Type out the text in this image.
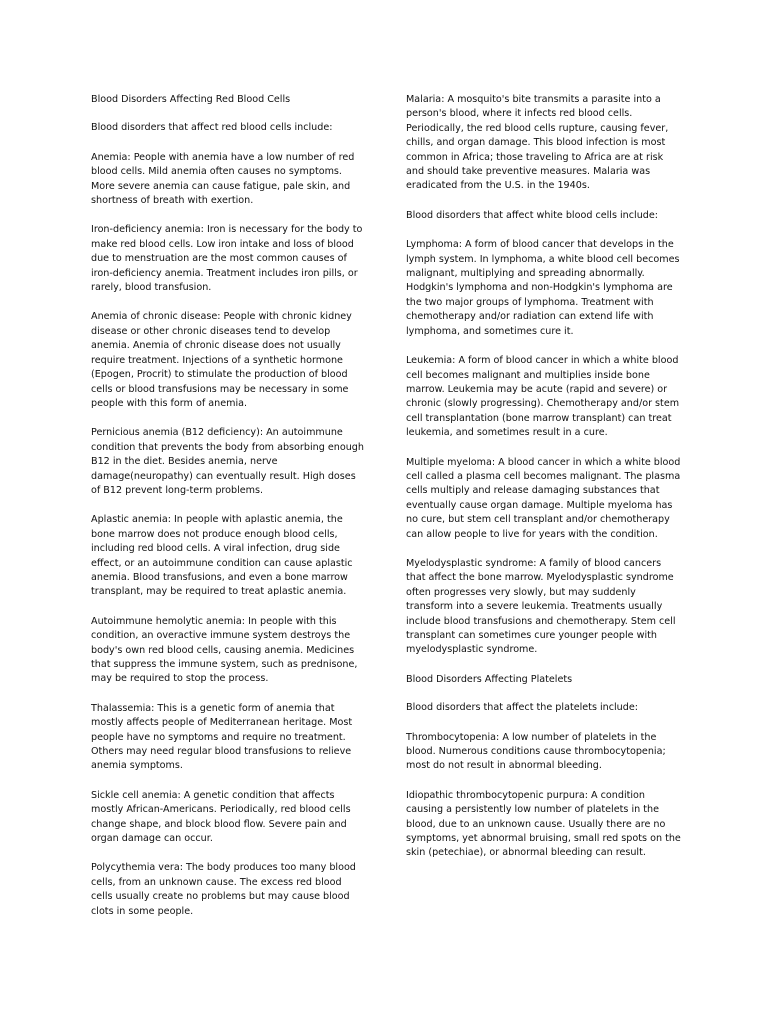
Blood Disorders Affecting Red Blood Cells

Blood disorders that affect red blood cells include:

Anemia: People with anemia have a low number of red blood cells. Mild anemia often causes no symptoms. More severe anemia can cause fatigue, pale skin, and shortness of breath with exertion.

Iron-deficiency anemia: Iron is necessary for the body to make red blood cells. Low iron intake and loss of blood due to menstruation are the most common causes of iron-deficiency anemia. Treatment includes iron pills, or rarely, blood transfusion.

Anemia of chronic disease: People with chronic kidney disease or other chronic diseases tend to develop anemia. Anemia of chronic disease does not usually require treatment. Injections of a synthetic hormone (Epogen, Procrit) to stimulate the production of blood cells or blood transfusions may be necessary in some people with this form of anemia.

Pernicious anemia (B12 deficiency): An autoimmune condition that prevents the body from absorbing enough B12 in the diet. Besides anemia, nerve damage(neuropathy) can eventually result. High doses of B12 prevent long-term problems.

Aplastic anemia: In people with aplastic anemia, the bone marrow does not produce enough blood cells, including red blood cells. A viral infection, drug side effect, or an autoimmune condition can cause aplastic anemia. Blood transfusions, and even a bone marrow transplant, may be required to treat aplastic anemia.

Autoimmune hemolytic anemia: In people with this condition, an overactive immune system destroys the body's own red blood cells, causing anemia. Medicines that suppress the immune system, such as prednisone, may be required to stop the process.

Thalassemia: This is a genetic form of anemia that mostly affects people of Mediterranean heritage. Most people have no symptoms and require no treatment. Others may need regular blood transfusions to relieve anemia symptoms.

Sickle cell anemia: A genetic condition that affects mostly African-Americans. Periodically, red blood cells change shape, and block blood flow. Severe pain and organ damage can occur.

Polycythemia vera: The body produces too many blood cells, from an unknown cause. The excess red blood cells usually create no problems but may cause blood clots in some people.

Malaria: A mosquito's bite transmits a parasite into a person's blood, where it infects red blood cells. Periodically, the red blood cells rupture, causing fever, chills, and organ damage. This blood infection is most common in Africa; those traveling to Africa are at risk and should take preventive measures. Malaria was eradicated from the U.S. in the 1940s.

Blood disorders that affect white blood cells include:

Lymphoma: A form of blood cancer that develops in the lymph system. In lymphoma, a white blood cell becomes malignant, multiplying and spreading abnormally. Hodgkin's lymphoma and non-Hodgkin's lymphoma are the two major groups of lymphoma. Treatment with chemotherapy and/or radiation can extend life with lymphoma, and sometimes cure it.

Leukemia: A form of blood cancer in which a white blood cell becomes malignant and multiplies inside bone marrow. Leukemia may be acute (rapid and severe) or chronic (slowly progressing). Chemotherapy and/or stem cell transplantation (bone marrow transplant) can treat leukemia, and sometimes result in a cure.

Multiple myeloma: A blood cancer in which a white blood cell called a plasma cell becomes malignant. The plasma cells multiply and release damaging substances that eventually cause organ damage. Multiple myeloma has no cure, but stem cell transplant and/or chemotherapy can allow people to live for years with the condition.

Myelodysplastic syndrome: A family of blood cancers that affect the bone marrow. Myelodysplastic syndrome often progresses very slowly, but may suddenly transform into a severe leukemia. Treatments usually include blood transfusions and chemotherapy. Stem cell transplant can sometimes cure younger people with myelodysplastic syndrome.

Blood Disorders Affecting Platelets

Blood disorders that affect the platelets include:

Thrombocytopenia: A low number of platelets in the blood. Numerous conditions cause thrombocytopenia; most do not result in abnormal bleeding.

Idiopathic thrombocytopenic purpura: A condition causing a persistently low number of platelets in the blood, due to an unknown cause. Usually there are no symptoms, yet abnormal bruising, small red spots on the skin (petechiae), or abnormal bleeding can result.
